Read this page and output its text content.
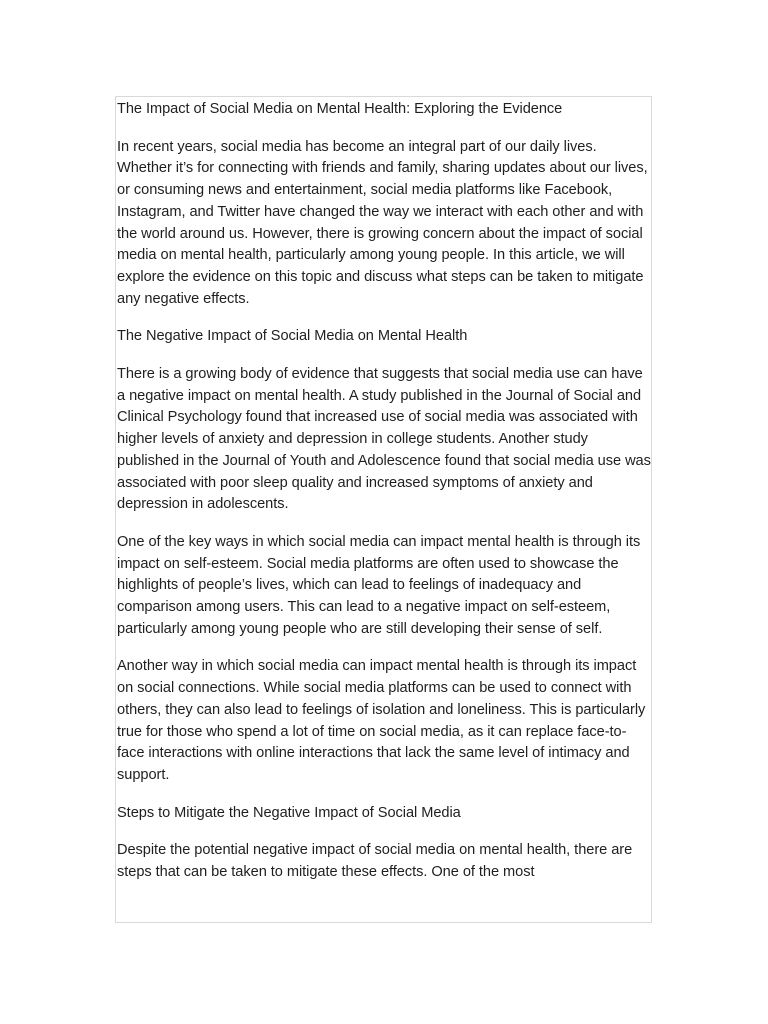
The Impact of Social Media on Mental Health: Exploring the Evidence

In recent years, social media has become an integral part of our daily lives. Whether it’s for connecting with friends and family, sharing updates about our lives, or consuming news and entertainment, social media platforms like Facebook, Instagram, and Twitter have changed the way we interact with each other and with the world around us. However, there is growing concern about the impact of social media on mental health, particularly among young people. In this article, we will explore the evidence on this topic and discuss what steps can be taken to mitigate any negative effects.

The Negative Impact of Social Media on Mental Health

There is a growing body of evidence that suggests that social media use can have a negative impact on mental health. A study published in the Journal of Social and Clinical Psychology found that increased use of social media was associated with higher levels of anxiety and depression in college students. Another study published in the Journal of Youth and Adolescence found that social media use was associated with poor sleep quality and increased symptoms of anxiety and depression in adolescents.

One of the key ways in which social media can impact mental health is through its impact on self-esteem. Social media platforms are often used to showcase the highlights of people’s lives, which can lead to feelings of inadequacy and comparison among users. This can lead to a negative impact on self-esteem, particularly among young people who are still developing their sense of self.

Another way in which social media can impact mental health is through its impact on social connections. While social media platforms can be used to connect with others, they can also lead to feelings of isolation and loneliness. This is particularly true for those who spend a lot of time on social media, as it can replace face-to-face interactions with online interactions that lack the same level of intimacy and support.

Steps to Mitigate the Negative Impact of Social Media

Despite the potential negative impact of social media on mental health, there are steps that can be taken to mitigate these effects. One of the most
